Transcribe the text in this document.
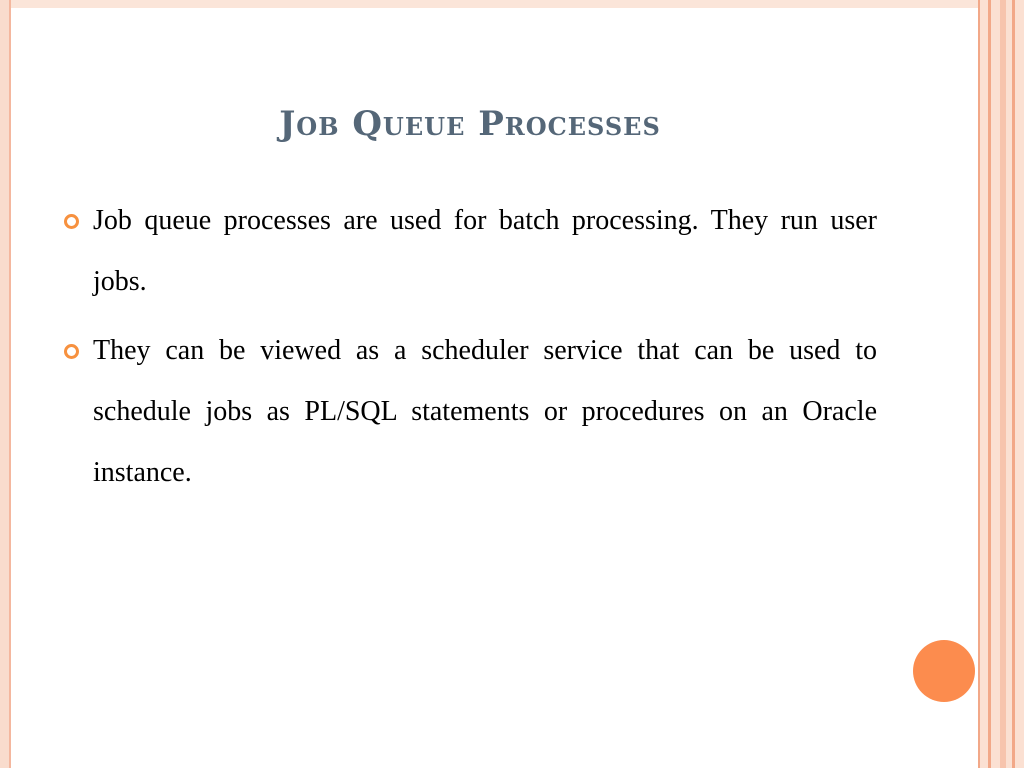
Job Queue Processes
Job queue processes are used for batch processing. They run user jobs.
They can be viewed as a scheduler service that can be used to schedule jobs as PL/SQL statements or procedures on an Oracle instance.
